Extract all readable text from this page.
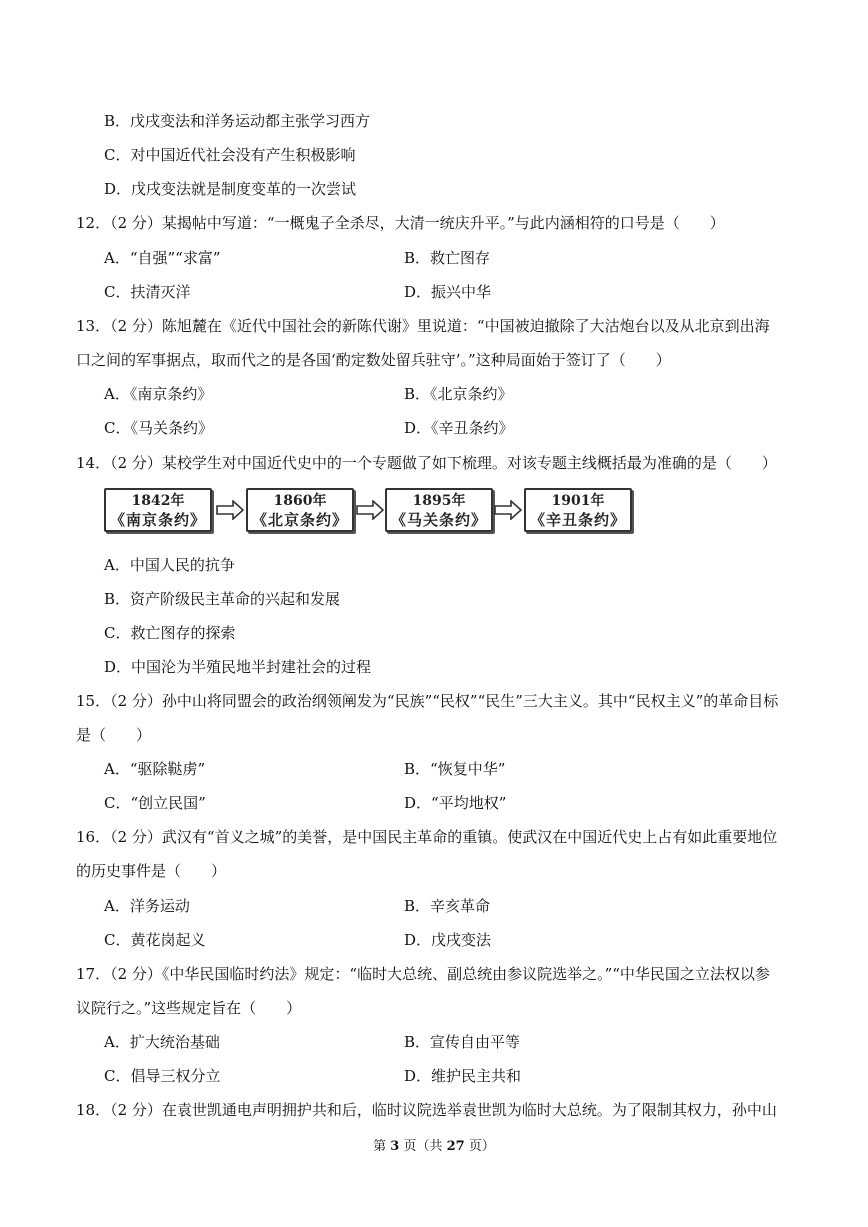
B．戊戌变法和洋务运动都主张学习西方
C．对中国近代社会没有产生积极影响
D．戊戌变法就是制度变革的一次尝试
12．（2 分）某揭帖中写道：“一概鬼子全杀尽，大清一统庆升平。”与此内涵相符的口号是（　　）
A．“自强”“求富”	B．救亡图存
C．扶清灭洋	D．振兴中华
13．（2 分）陈旭麓在《近代中国社会的新陈代谢》里说道：“中国被迫撤除了大沽炮台以及从北京到出海
口之间的军事据点，取而代之的是各国‘酌定数处留兵驻守’。”这种局面始于签订了（　　）
A．《南京条约》	B．《北京条约》
C．《马关条约》	D．《辛丑条约》
14．（2 分）某校学生对中国近代史中的一个专题做了如下梳理。对该专题主线概括最为准确的是（　　）
1842年
《南京条约》
1860年
《北京条约》
1895年
《马关条约》
1901年
《辛丑条约》
A．中国人民的抗争
B．资产阶级民主革命的兴起和发展
C．救亡图存的探索
D．中国沦为半殖民地半封建社会的过程
15．（2 分）孙中山将同盟会的政治纲领阐发为“民族”“民权”“民生”三大主义。其中“民权主义”的革命目标
是（　　）
A．“驱除鞑虏”	B．“恢复中华”
C．“创立民国”	D．“平均地权”
16．（2 分）武汉有“首义之城”的美誉，是中国民主革命的重镇。使武汉在中国近代史上占有如此重要地位
的历史事件是（　　）
A．洋务运动	B．辛亥革命
C．黄花岗起义	D．戊戌变法
17．（2 分）《中华民国临时约法》规定：“临时大总统、副总统由参议院选举之。”“中华民国之立法权以参
议院行之。”这些规定旨在（　　）
A．扩大统治基础	B．宣传自由平等
C．倡导三权分立	D．维护民主共和
18．（2 分）在袁世凯通电声明拥护共和后，临时议院选举袁世凯为临时大总统。为了限制其权力，孙中山
第 3 页（共 27 页）
